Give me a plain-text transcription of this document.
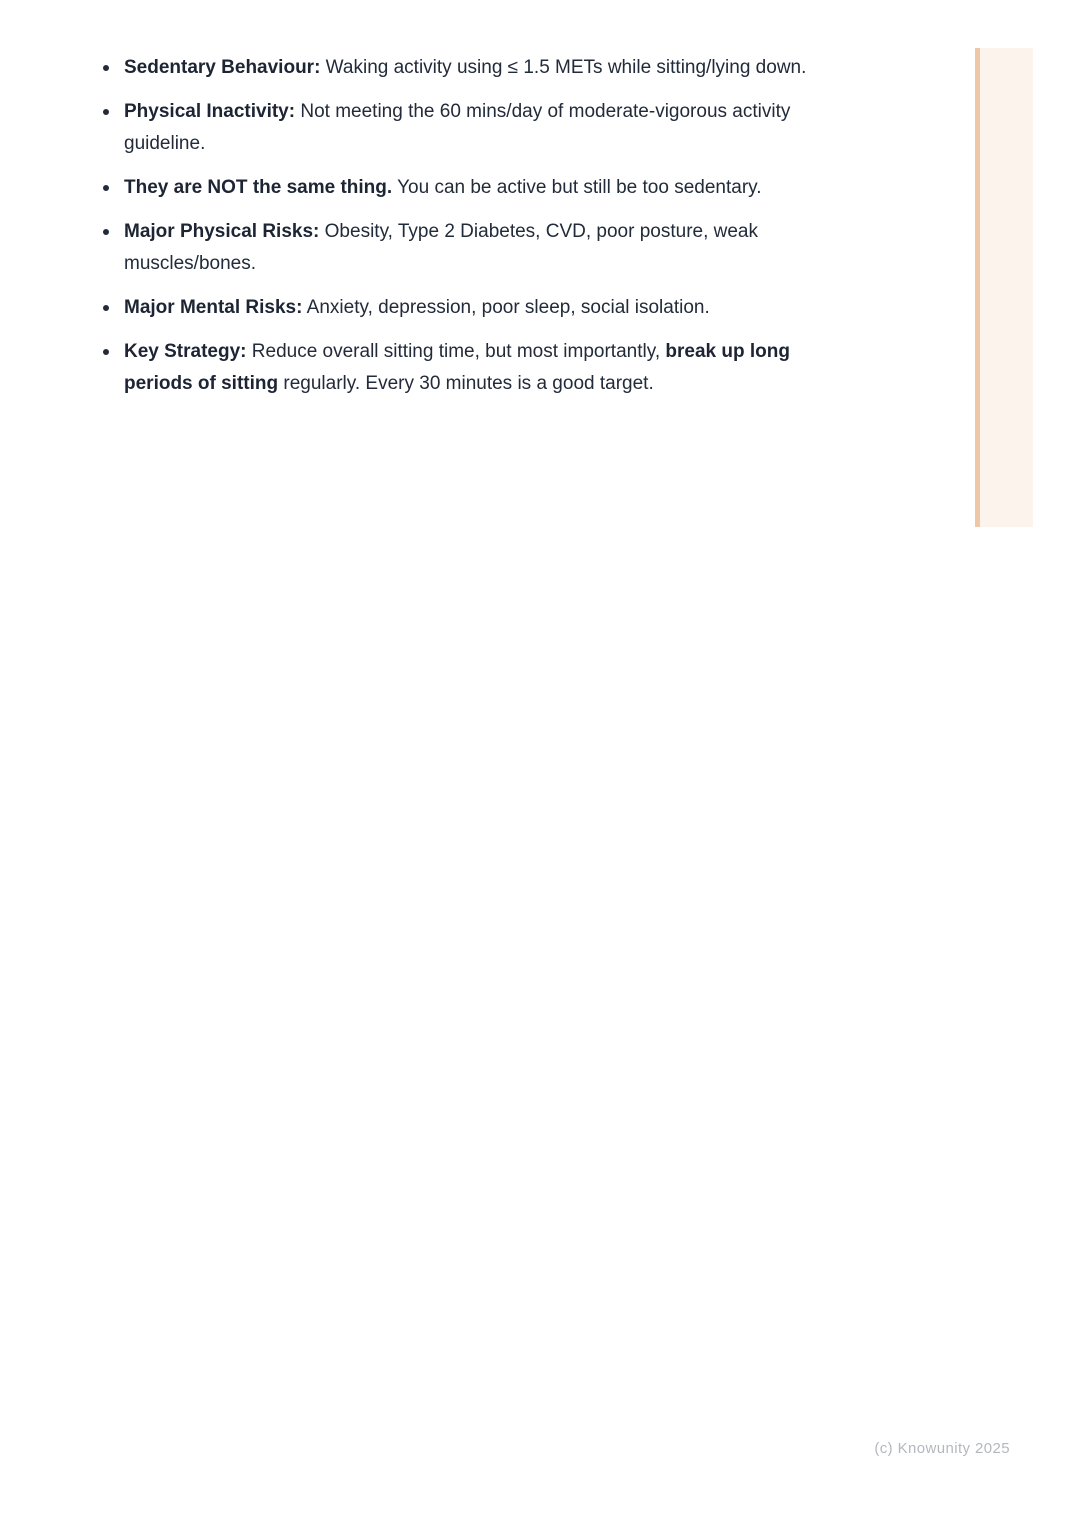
Sedentary Behaviour: Waking activity using ≤ 1.5 METs while sitting/lying down.
Physical Inactivity: Not meeting the 60 mins/day of moderate-vigorous activity guideline.
They are NOT the same thing. You can be active but still be too sedentary.
Major Physical Risks: Obesity, Type 2 Diabetes, CVD, poor posture, weak muscles/bones.
Major Mental Risks: Anxiety, depression, poor sleep, social isolation.
Key Strategy: Reduce overall sitting time, but most importantly, break up long periods of sitting regularly. Every 30 minutes is a good target.
(c) Knowunity 2025
